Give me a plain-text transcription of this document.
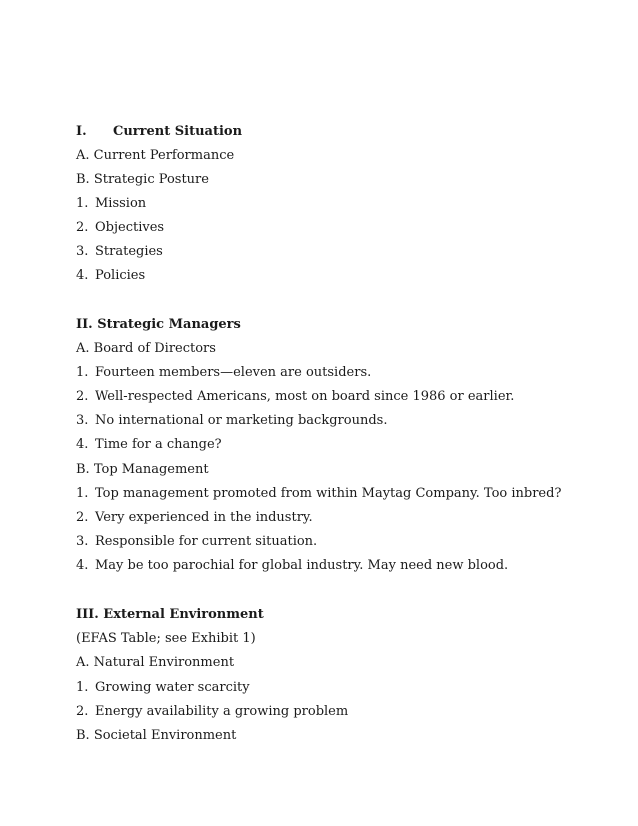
I. Current Situation
A. Current Performance
B. Strategic Posture
1. Mission
2. Objectives
3. Strategies
4. Policies
II. Strategic Managers
A. Board of Directors
1. Fourteen members—eleven are outsiders.
2. Well-respected Americans, most on board since 1986 or earlier.
3. No international or marketing backgrounds.
4. Time for a change?
B. Top Management
1. Top management promoted from within Maytag Company. Too inbred?
2. Very experienced in the industry.
3. Responsible for current situation.
4. May be too parochial for global industry. May need new blood.
III. External Environment
(EFAS Table; see Exhibit 1)
A. Natural Environment
1. Growing water scarcity
2. Energy availability a growing problem
B. Societal Environment
